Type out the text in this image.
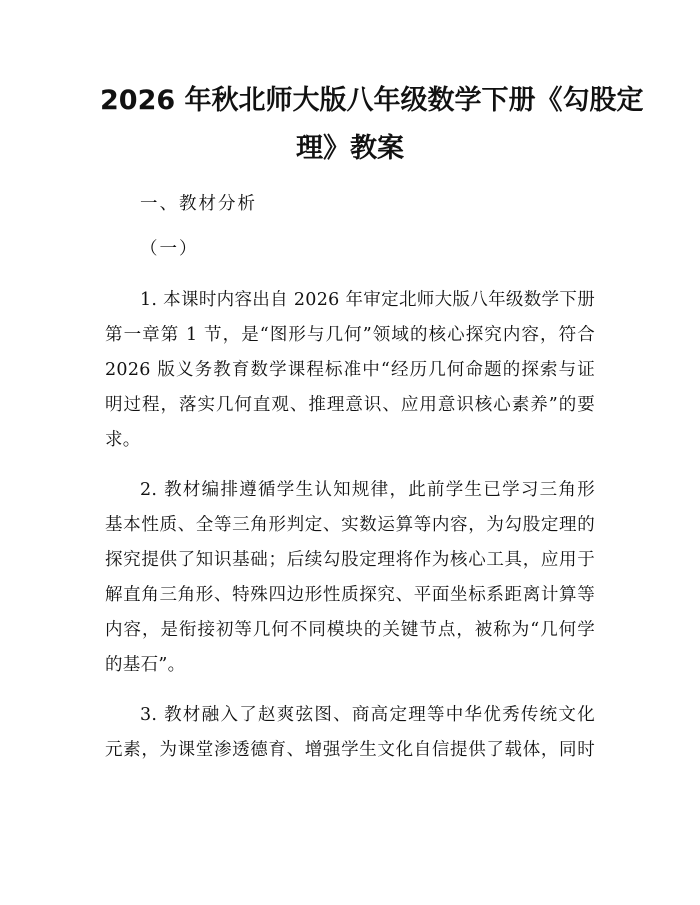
2026 年秋北师大版八年级数学下册《勾股定
理》教案
一、教材分析
（一）
1. 本课时内容出自 2026 年审定北师大版八年级数学下册
第一章第 1 节，是“图形与几何”领域的核心探究内容，符合
2026 版义务教育数学课程标准中“经历几何命题的探索与证
明过程，落实几何直观、推理意识、应用意识核心素养”的要
求。
2. 教材编排遵循学生认知规律，此前学生已学习三角形
基本性质、全等三角形判定、实数运算等内容，为勾股定理的
探究提供了知识基础；后续勾股定理将作为核心工具，应用于
解直角三角形、特殊四边形性质探究、平面坐标系距离计算等
内容，是衔接初等几何不同模块的关键节点，被称为“几何学
的基石”。
3. 教材融入了赵爽弦图、商高定理等中华优秀传统文化
元素，为课堂渗透德育、增强学生文化自信提供了载体，同时
